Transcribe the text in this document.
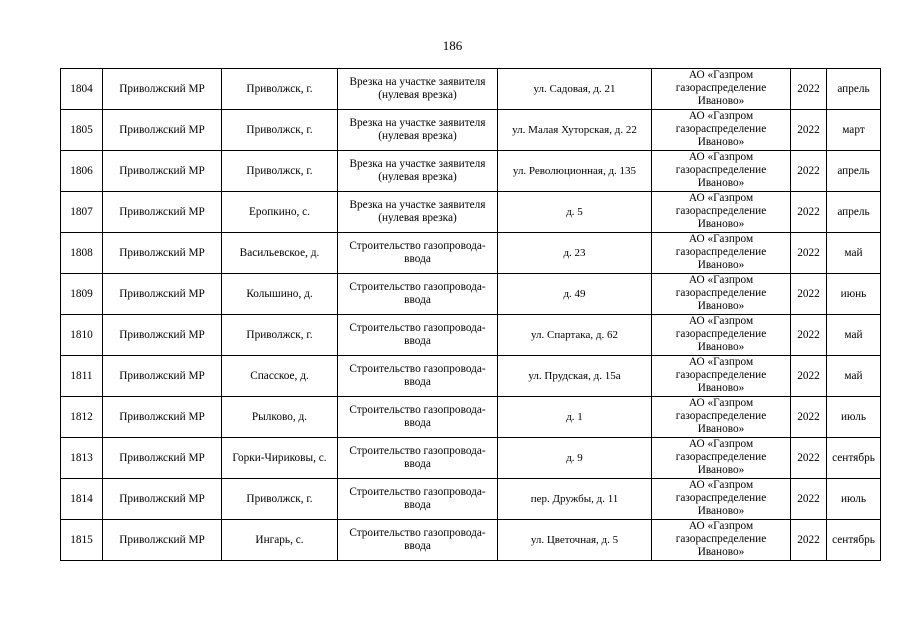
186
1804	Приволжский МР	Приволжск, г.	Врезка на участке заявителя (нулевая врезка)	ул. Садовая, д. 21	АО «Газпром газораспределение Иваново»	2022	апрель
1805	Приволжский МР	Приволжск, г.	Врезка на участке заявителя (нулевая врезка)	ул. Малая Хуторская, д. 22	АО «Газпром газораспределение Иваново»	2022	март
1806	Приволжский МР	Приволжск, г.	Врезка на участке заявителя (нулевая врезка)	ул. Революционная, д. 135	АО «Газпром газораспределение Иваново»	2022	апрель
1807	Приволжский МР	Еропкино, с.	Врезка на участке заявителя (нулевая врезка)	д. 5	АО «Газпром газораспределение Иваново»	2022	апрель
1808	Приволжский МР	Васильевское, д.	Строительство газопровода-ввода	д. 23	АО «Газпром газораспределение Иваново»	2022	май
1809	Приволжский МР	Колышино, д.	Строительство газопровода-ввода	д. 49	АО «Газпром газораспределение Иваново»	2022	июнь
1810	Приволжский МР	Приволжск, г.	Строительство газопровода-ввода	ул. Спартака, д. 62	АО «Газпром газораспределение Иваново»	2022	май
1811	Приволжский МР	Спасское, д.	Строительство газопровода-ввода	ул. Прудская, д. 15а	АО «Газпром газораспределение Иваново»	2022	май
1812	Приволжский МР	Рылково, д.	Строительство газопровода-ввода	д. 1	АО «Газпром газораспределение Иваново»	2022	июль
1813	Приволжский МР	Горки-Чириковы, с.	Строительство газопровода-ввода	д. 9	АО «Газпром газораспределение Иваново»	2022	сентябрь
1814	Приволжский МР	Приволжск, г.	Строительство газопровода-ввода	пер. Дружбы, д. 11	АО «Газпром газораспределение Иваново»	2022	июль
1815	Приволжский МР	Ингарь, с.	Строительство газопровода-ввода	ул. Цветочная, д. 5	АО «Газпром газораспределение Иваново»	2022	сентябрь
